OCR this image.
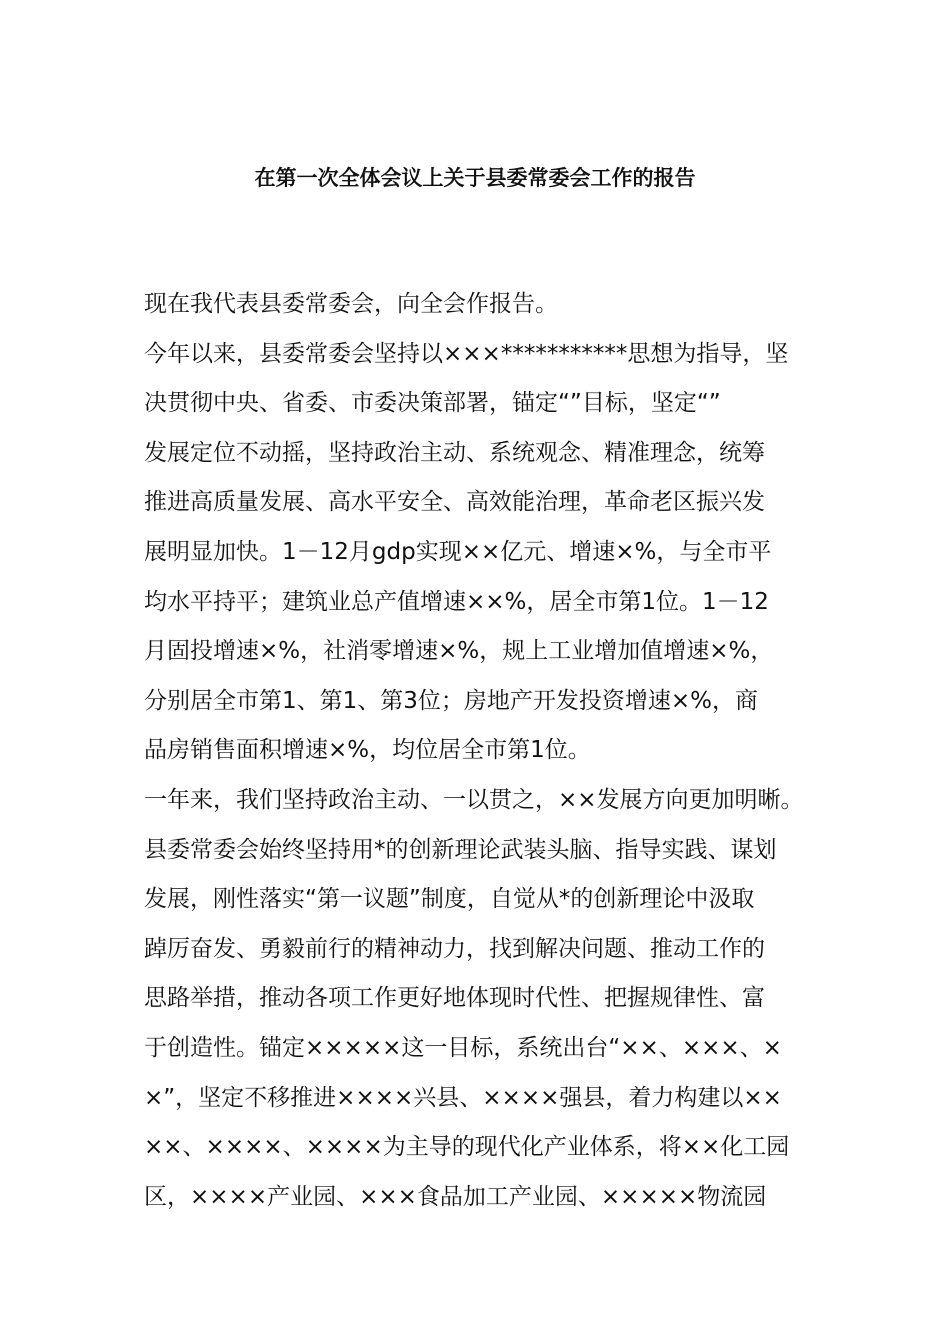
在第一次全体会议上关于县委常委会工作的报告
现在我代表县委常委会，向全会作报告。
今年以来，县委常委会坚持以×××***********思想为指导，坚
决贯彻中央、省委、市委决策部署，锚定“”目标，坚定“”
发展定位不动摇，坚持政治主动、系统观念、精准理念，统筹
推进高质量发展、高水平安全、高效能治理，革命老区振兴发
展明显加快。1－12月gdp实现××亿元、增速×%，与全市平
均水平持平；建筑业总产值增速××%，居全市第1位。1－12
月固投增速×%，社消零增速×%，规上工业增加值增速×%，
分别居全市第1、第1、第3位；房地产开发投资增速×%，商
品房销售面积增速×%，均位居全市第1位。
一年来，我们坚持政治主动、一以贯之，××发展方向更加明晰。
县委常委会始终坚持用*的创新理论武装头脑、指导实践、谋划
发展，刚性落实“第一议题”制度，自觉从*的创新理论中汲取
踔厉奋发、勇毅前行的精神动力，找到解决问题、推动工作的
思路举措，推动各项工作更好地体现时代性、把握规律性、富
于创造性。锚定×××××这一目标，系统出台“××、×××、×
×”，坚定不移推进××××兴县、××××强县，着力构建以××
××、××××、××××为主导的现代化产业体系，将××化工园
区，××××产业园、×××食品加工产业园、×××××物流园
